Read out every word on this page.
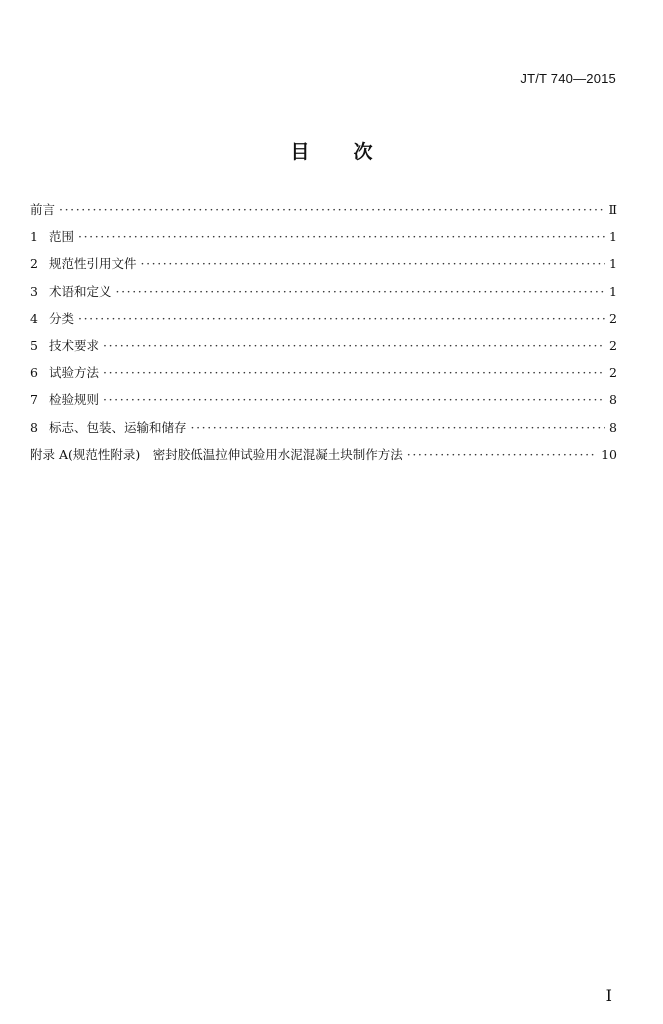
JT/T 740—2015
目 次
前言 ·····	Ⅱ
1 范围 ·····	1
2 规范性引用文件 ·····	1
3 术语和定义 ·····	1
4 分类 ·····	2
5 技术要求 ·····	2
6 试验方法 ·····	2
7 检验规则 ·····	8
8 标志、包装、运输和储存 ·····	8
附录 A(规范性附录)　密封胶低温拉伸试验用水泥混凝土块制作方法 ·····	10
Ⅰ
